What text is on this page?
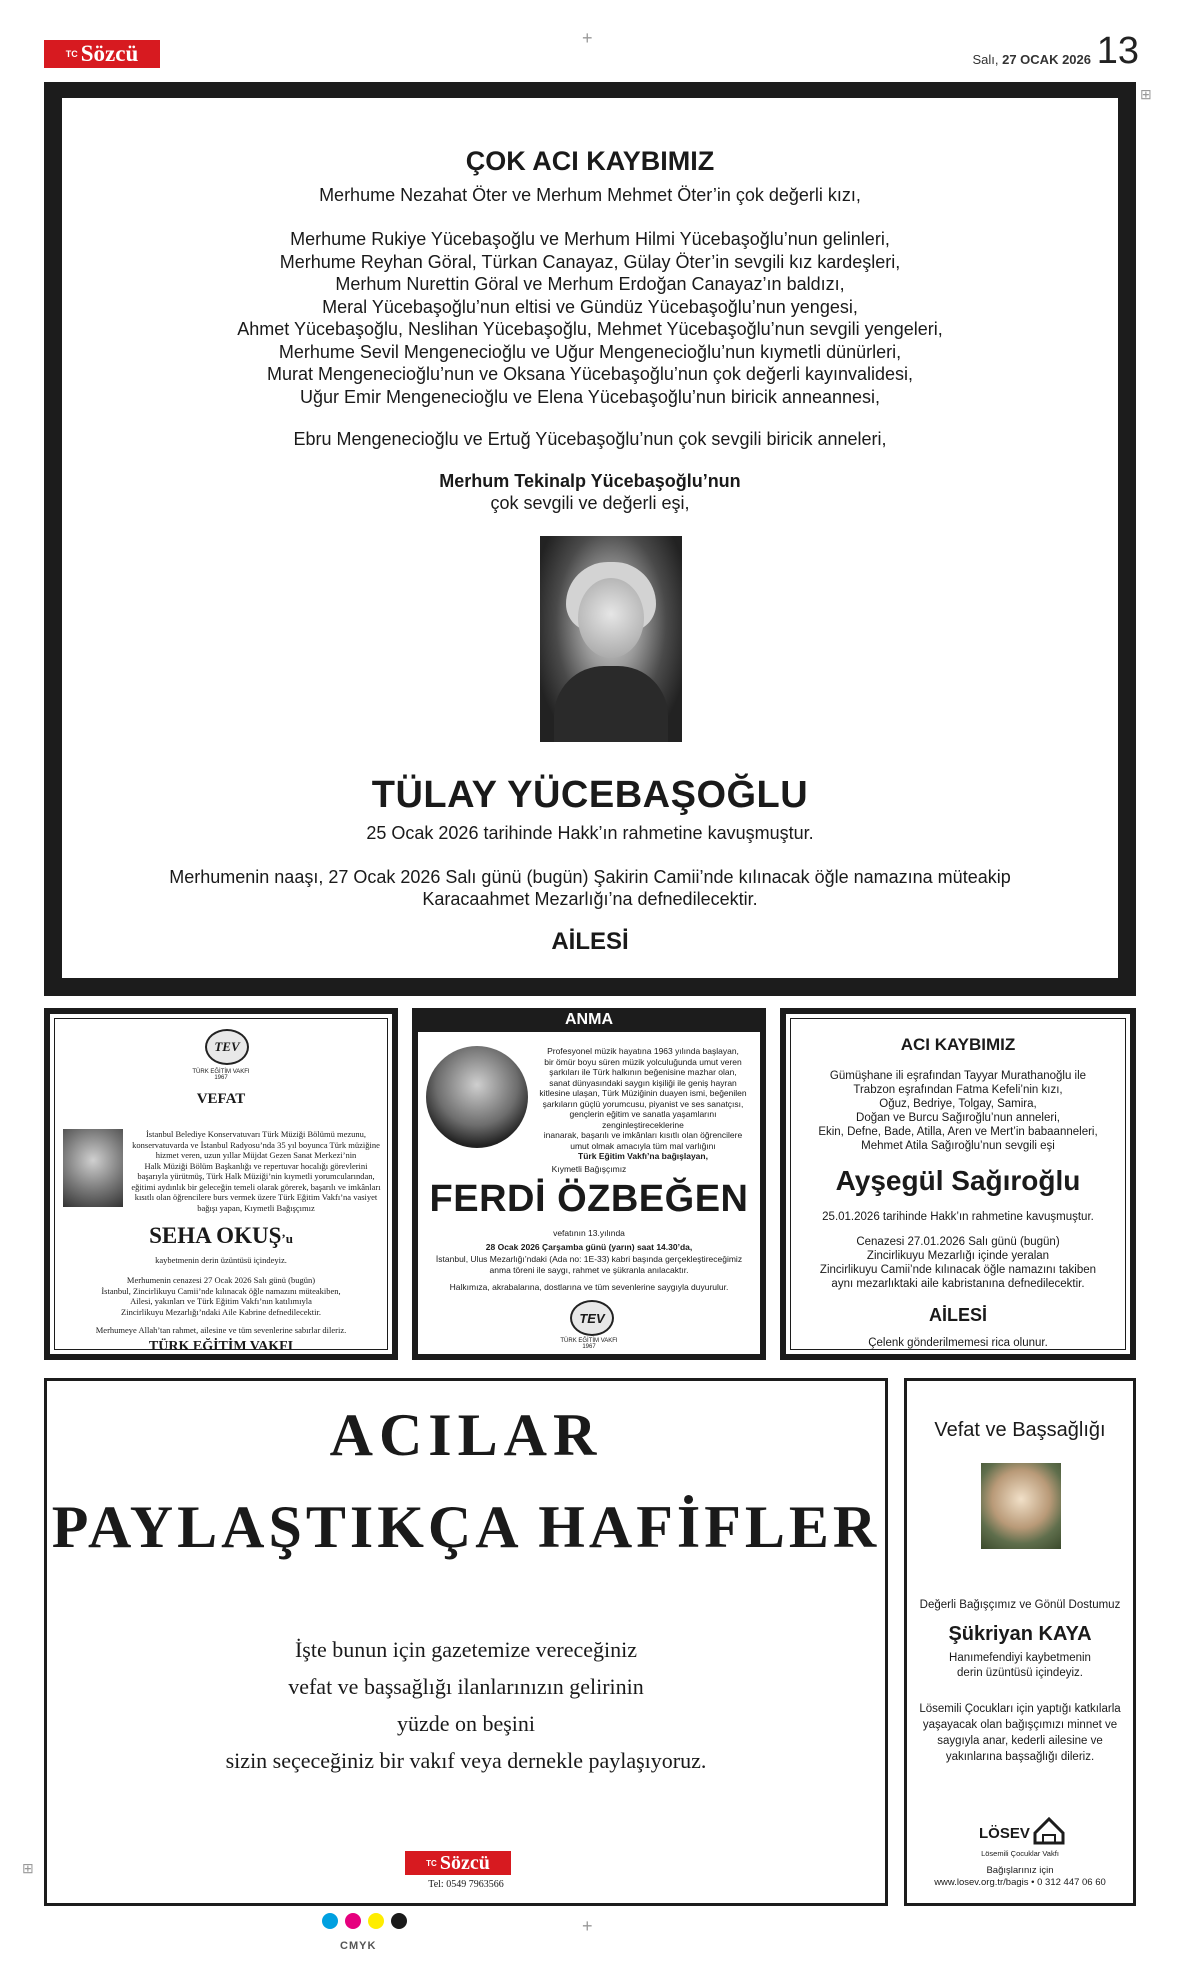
TC Sözcü	Salı, 27 OCAK 2026 13
+
⊞
ÇOK ACI KAYBIMIZ
Merhume Nezahat Öter ve Merhum Mehmet Öter’in çok değerli kızı,
Merhume Rukiye Yücebaşoğlu ve Merhum Hilmi Yücebaşoğlu’nun gelinleri,
Merhume Reyhan Göral, Türkan Canayaz, Gülay Öter’in sevgili kız kardeşleri,
Merhum Nurettin Göral ve Merhum Erdoğan Canayaz’ın baldızı,
Meral Yücebaşoğlu’nun eltisi ve Gündüz Yücebaşoğlu’nun yengesi,
Ahmet Yücebaşoğlu, Neslihan Yücebaşoğlu, Mehmet Yücebaşoğlu’nun sevgili yengeleri,
Merhume Sevil Mengenecioğlu ve Uğur Mengenecioğlu’nun kıymetli dünürleri,
Murat Mengenecioğlu’nun ve Oksana Yücebaşoğlu’nun çok değerli kayınvalidesi,
Uğur Emir Mengenecioğlu ve Elena Yücebaşoğlu’nun biricik anneannesi,
Ebru Mengenecioğlu ve Ertuğ Yücebaşoğlu’nun çok sevgili biricik anneleri,
Merhum Tekinalp Yücebaşoğlu’nun
çok sevgili ve değerli eşi,
TÜLAY YÜCEBAŞOĞLU
25 Ocak 2026 tarihinde Hakk’ın rahmetine kavuşmuştur.
Merhumenin naaşı, 27 Ocak 2026 Salı günü (bugün) Şakirin Camii’nde kılınacak öğle namazına müteakip
Karacaahmet Mezarlığı’na defnedilecektir.
AİLESİ
TEV
TÜRK EĞİTİM VAKFI
1967
VEFAT
İstanbul Belediye Konservatuvarı Türk Müziği Bölümü mezunu,
konservatuvarda ve İstanbul Radyosu’nda 35 yıl boyunca Türk müziğine
hizmet veren, uzun yıllar Müjdat Gezen Sanat Merkezi’nin
Halk Müziği Bölüm Başkanlığı ve repertuvar hocalığı görevlerini
başarıyla yürütmüş, Türk Halk Müziği’nin kıymetli yorumcularından,
eğitimi aydınlık bir geleceğin temeli olarak görerek, başarılı ve imkânları
kısıtlı olan öğrencilere burs vermek üzere Türk Eğitim Vakfı’na vasiyet
bağışı yapan, Kıymetli Bağışçımız
SEHA OKUŞ’u
kaybetmenin derin üzüntüsü içindeyiz.
Merhumenin cenazesi 27 Ocak 2026 Salı günü (bugün)
İstanbul, Zincirlikuyu Camii’nde kılınacak öğle namazını müteakiben,
Ailesi, yakınları ve Türk Eğitim Vakfı’nın katılımıyla
Zincirlikuyu Mezarlığı’ndaki Aile Kabrine defnedilecektir.
Merhumeye Allah’tan rahmet, ailesine ve tüm sevenlerine sabırlar dileriz.
TÜRK EĞİTİM VAKFI
ANMA
Profesyonel müzik hayatına 1963 yılında başlayan,
bir ömür boyu süren müzik yolculuğunda umut veren
şarkıları ile Türk halkının beğenisine mazhar olan,
sanat dünyasındaki saygın kişiliği ile geniş hayran
kitlesine ulaşan, Türk Müziğinin duayen ismi, beğenilen
şarkıların güçlü yorumcusu, piyanist ve ses sanatçısı,
gençlerin eğitim ve sanatla yaşamlarını zenginleştireceklerine
inanarak, başarılı ve imkânları kısıtlı olan öğrencilere
umut olmak amacıyla tüm mal varlığını
Türk Eğitim Vakfı’na bağışlayan,
Kıymetli Bağışçımız
FERDİ ÖZBEĞEN
vefatının 13.yılında
28 Ocak 2026 Çarşamba günü (yarın) saat 14.30’da,
İstanbul, Ulus Mezarlığı’ndaki (Ada no: 1E-33) kabri başında gerçekleştireceğimiz
anma töreni ile saygı, rahmet ve şükranla anılacaktır.
Halkımıza, akrabalarına, dostlarına ve tüm sevenlerine saygıyla duyurulur.
TEV
TÜRK EĞİTİM VAKFI
1967
ACI KAYBIMIZ
Gümüşhane ili eşrafından Tayyar Murathanoğlu ile
Trabzon eşrafından Fatma Kefeli’nin kızı,
Oğuz, Bedriye, Tolgay, Samira,
Doğan ve Burcu Sağıroğlu’nun anneleri,
Ekin, Defne, Bade, Atilla, Aren ve Mert’in babaanneleri,
Mehmet Atila Sağıroğlu’nun sevgili eşi
Ayşegül Sağıroğlu
25.01.2026 tarihinde Hakk’ın rahmetine kavuşmuştur.
Cenazesi 27.01.2026 Salı günü (bugün)
Zincirlikuyu Mezarlığı içinde yeralan
Zincirlikuyu Camii’nde kılınacak öğle namazını takiben
aynı mezarlıktaki aile kabristanına defnedilecektir.
AİLESİ
Çelenk gönderilmemesi rica olunur.
ACILAR
PAYLAŞTIKÇA HAFİFLER
İşte bunun için gazetemize vereceğiniz
vefat ve başsağlığı ilanlarınızın gelirinin
yüzde on beşini
sizin seçeceğiniz bir vakıf veya dernekle paylaşıyoruz.
TC Sözcü
Tel: 0549 7963566
Vefat ve Başsağlığı
Değerli Bağışçımız ve Gönül Dostumuz
Şükriyan KAYA
Hanımefendiyi kaybetmenin
derin üzüntüsü içindeyiz.
Lösemili Çocukları için yaptığı katkılarla
yaşayacak olan bağışçımızı minnet ve
saygıyla anar, kederli ailesine ve
yakınlarına başsağlığı dileriz.
LÖSEV
Lösemili Çocuklar Vakfı
Bağışlarınız için
www.losev.org.tr/bagis • 0 312 447 06 60
CMYK
+
⊞
